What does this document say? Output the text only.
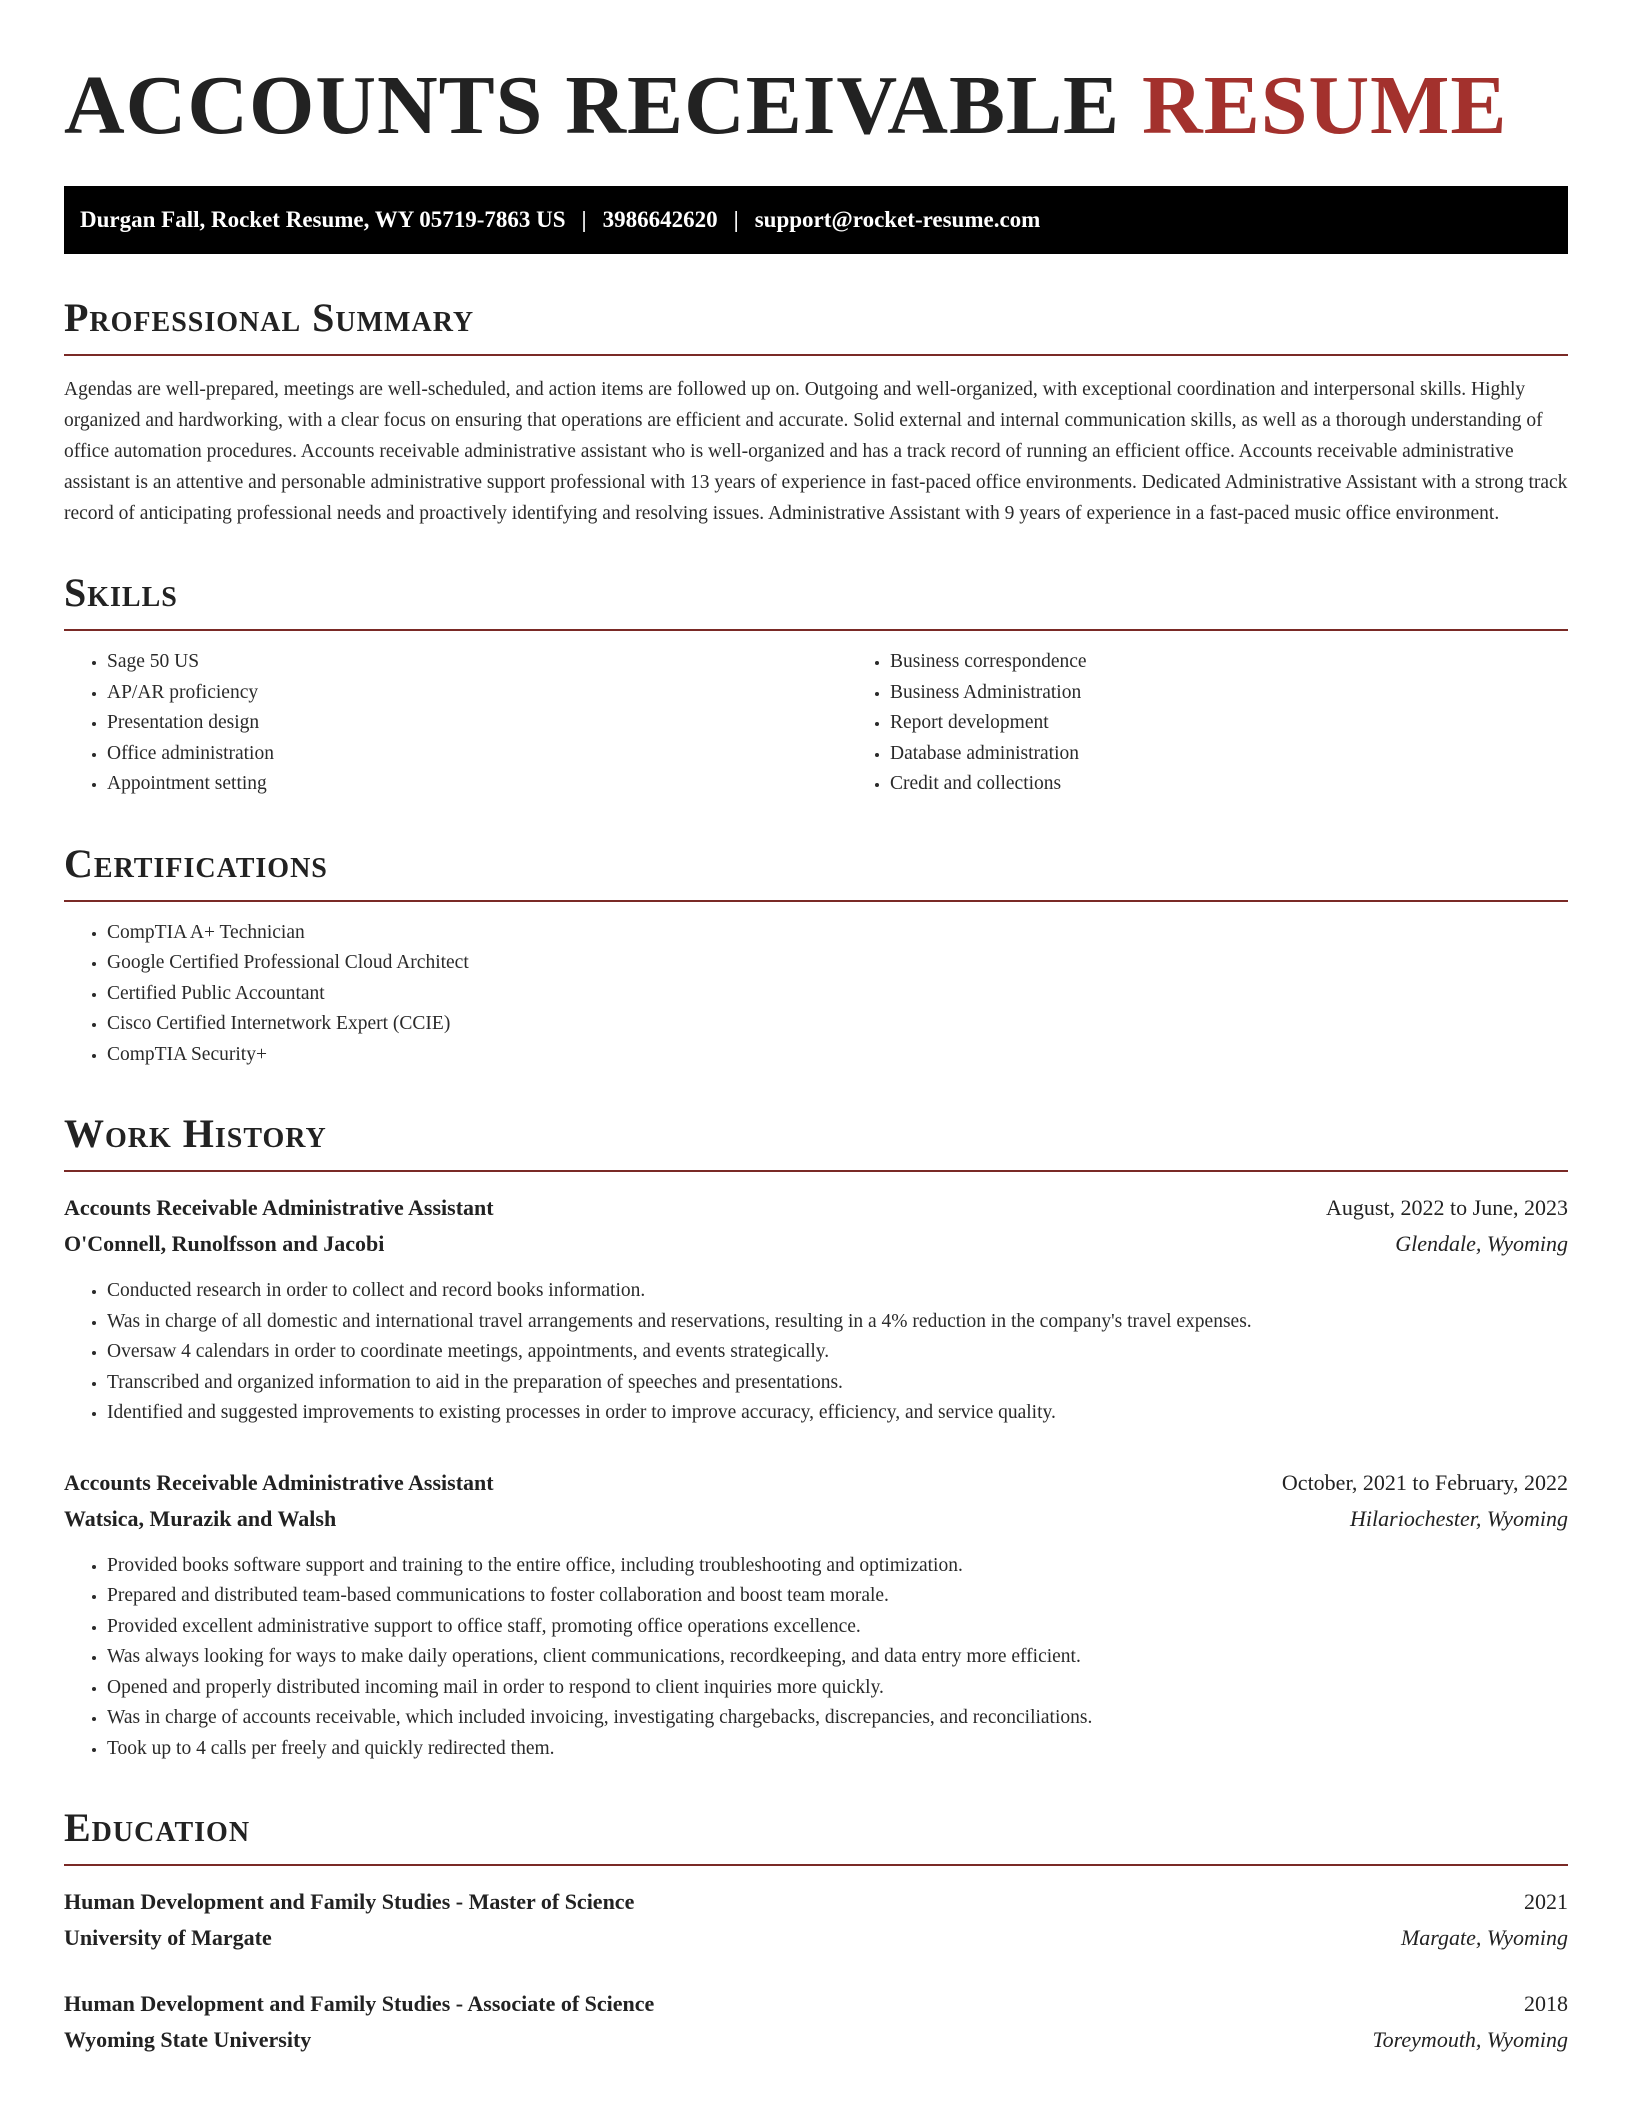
ACCOUNTS RECEIVABLE RESUME
Durgan Fall, Rocket Resume, WY 05719-7863 US | 3986642620 | support@rocket-resume.com
Professional Summary

Agendas are well-prepared, meetings are well-scheduled, and action items are followed up on. Outgoing and well-organized, with exceptional coordination and interpersonal skills. Highly organized and hardworking, with a clear focus on ensuring that operations are efficient and accurate. Solid external and internal communication skills, as well as a thorough understanding of office automation procedures. Accounts receivable administrative assistant who is well-organized and has a track record of running an efficient office. Accounts receivable administrative assistant is an attentive and personable administrative support professional with 13 years of experience in fast-paced office environments. Dedicated Administrative Assistant with a strong track record of anticipating professional needs and proactively identifying and resolving issues. Administrative Assistant with 9 years of experience in a fast-paced music office environment.

Skills
• Sage 50 US
• AP/AR proficiency
• Presentation design
• Office administration
• Appointment setting
• Business correspondence
• Business Administration
• Report development
• Database administration
• Credit and collections
Certifications
• CompTIA A+ Technician
• Google Certified Professional Cloud Architect
• Certified Public Accountant
• Cisco Certified Internetwork Expert (CCIE)
• CompTIA Security+
Work History
Accounts Receivable Administrative Assistant	August, 2022 to June, 2023
O'Connell, Runolfsson and Jacobi	Glendale, Wyoming
• Conducted research in order to collect and record books information.
• Was in charge of all domestic and international travel arrangements and reservations, resulting in a 4% reduction in the company's travel expenses.
• Oversaw 4 calendars in order to coordinate meetings, appointments, and events strategically.
• Transcribed and organized information to aid in the preparation of speeches and presentations.
• Identified and suggested improvements to existing processes in order to improve accuracy, efficiency, and service quality.
Accounts Receivable Administrative Assistant	October, 2021 to February, 2022
Watsica, Murazik and Walsh	Hilariochester, Wyoming
• Provided books software support and training to the entire office, including troubleshooting and optimization.
• Prepared and distributed team-based communications to foster collaboration and boost team morale.
• Provided excellent administrative support to office staff, promoting office operations excellence.
• Was always looking for ways to make daily operations, client communications, recordkeeping, and data entry more efficient.
• Opened and properly distributed incoming mail in order to respond to client inquiries more quickly.
• Was in charge of accounts receivable, which included invoicing, investigating chargebacks, discrepancies, and reconciliations.
• Took up to 4 calls per freely and quickly redirected them.
Education
Human Development and Family Studies - Master of Science	2021
University of Margate	Margate, Wyoming
Human Development and Family Studies - Associate of Science	2018
Wyoming State University	Toreymouth, Wyoming
